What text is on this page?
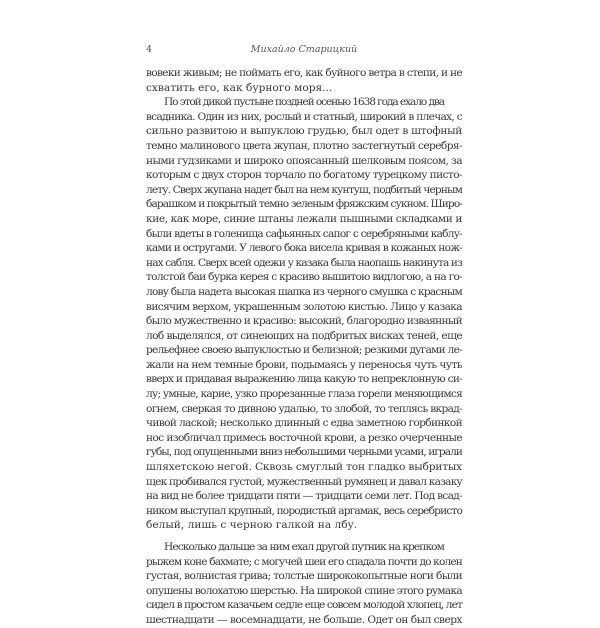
4	Михайло Старицкий
вовеки живым; не поймать его, как буйного ветра в степи, и не
схватить его, как бурного моря...
По этой дикой пустыне поздней осенью 1638 года ехало два
всадника. Один из них, рослый и статный, широкий в плечах, с
сильно развитою и выпуклою грудью, был одет в штофный
темно малинового цвета жупан, плотно застегнутый серебря-
ными гудзиками и широко опоясанный шелковым поясом, за
которым с двух сторон торчало по богатому турецкому писто-
лету. Сверх жупана надет был на нем кунтуш, подбитый черным
барашком и покрытый темно зеленым фряжским сукном. Широ-
кие, как море, синие штаны лежали пышными складками и
были вдеты в голенища сафьянных сапог с серебряными каблу-
ками и остругами. У левого бока висела кривая в кожаных нож-
нах сабля. Сверх всей одежи у казака была наопашь накинута из
толстой баи бурка керея с красиво вышитою видлогою, а на го-
лову была надета высокая шапка из черного смушка с красным
висячим верхом, украшенным золотою кистью. Лицо у казака
было мужественно и красиво: высокий, благородно изваянный
лоб выделялся, от синеющих на подбритых висках теней, еще
рельефнее своею выпуклостью и белизной; резкими дугами ле-
жали на нем темные брови, подымаясь у переносья чуть чуть
вверх и придавая выражению лица какую то непреклонную си-
лу; умные, карие, узко прорезанные глаза горели меняющимся
огнем, сверкая то дивною удалью, то злобой, то теплясь вкрад-
чивой лаской; несколько длинный с едва заметною горбинкой
нос изобличал примесь восточной крови, а резко очерченные
губы, под опущенными вниз небольшими черными усами, играли
шляхетскою негой. Сквозь смуглый тон гладко выбритых
щек пробивался густой, мужественный румянец и давал казаку
на вид не более тридцати пяти — тридцати семи лет. Под всад-
ником выступал крупный, породистый аргамак, весь серебристо
белый, лишь с черною галкой на лбу.
Несколько дальше за ним ехал другой путник на крепком
рыжем коне бахмате; с могучей шеи его спадала почти до колен
густая, волнистая грива; толстые ширококопытные ноги были
опушены волохатою шерстью. На широкой спине этого румака
сидел в простом казачьем седле еще совсем молодой хлопец, лет
шестнадцати — восемнадцати, не больше. Одет он был сверх
